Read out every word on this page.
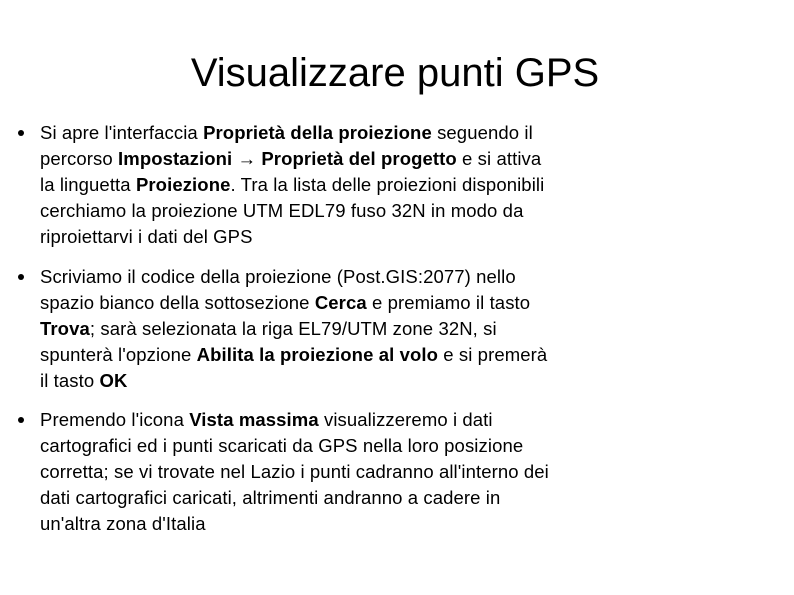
Visualizzare punti GPS
Si apre l'interfaccia Proprietà della proiezione seguendo il percorso Impostazioni → Proprietà del progetto e si attiva la linguetta Proiezione. Tra la lista delle proiezioni disponibili cerchiamo la proiezione UTM EDL79 fuso 32N in modo da riproiettarvi i dati del GPS
Scriviamo il codice della proiezione (Post.GIS:2077) nello spazio bianco della sottosezione Cerca e premiamo il tasto Trova; sarà selezionata la riga EL79/UTM zone 32N, si spunterà l'opzione Abilita la proiezione al volo e si premerà il tasto OK
Premendo l'icona Vista massima visualizzeremo i dati cartografici ed i punti scaricati da GPS nella loro posizione corretta; se vi trovate nel Lazio i punti cadranno all'interno dei dati cartografici caricati, altrimenti andranno a cadere in un'altra zona d'Italia
